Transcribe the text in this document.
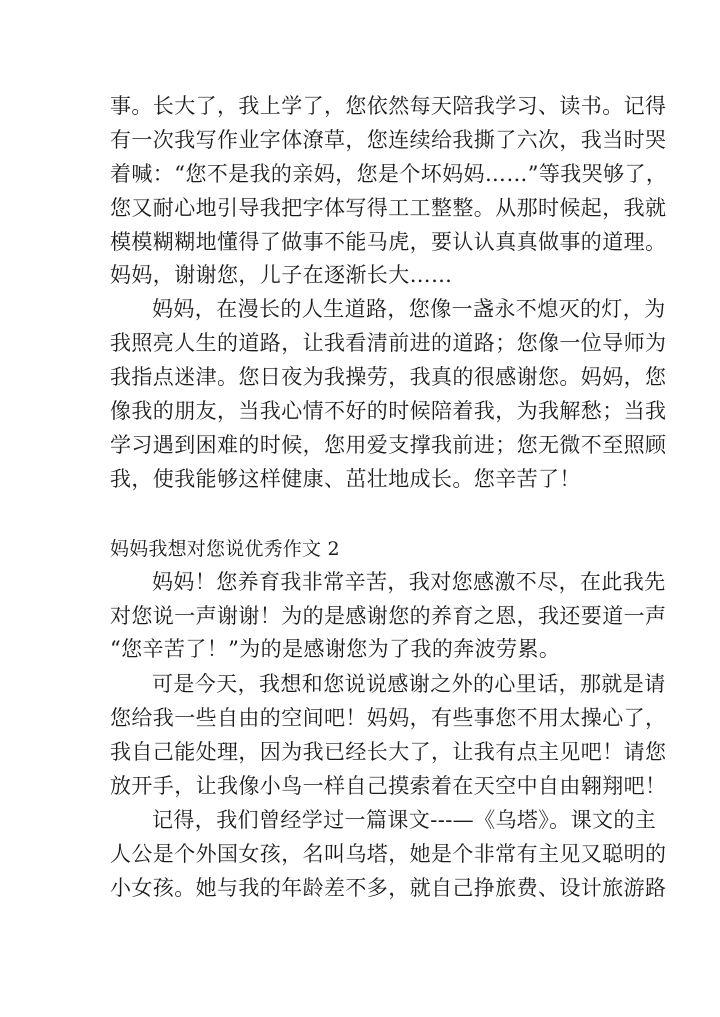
事。长大了，我上学了，您依然每天陪我学习、读书。记得
有一次我写作业字体潦草，您连续给我撕了六次，我当时哭
着喊：“您不是我的亲妈，您是个坏妈妈……”等我哭够了，
您又耐心地引导我把字体写得工工整整。从那时候起，我就
模模糊糊地懂得了做事不能马虎，要认认真真做事的道理。
妈妈，谢谢您，儿子在逐渐长大……
妈妈，在漫长的人生道路，您像一盏永不熄灭的灯，为
我照亮人生的道路，让我看清前进的道路；您像一位导师为
我指点迷津。您日夜为我操劳，我真的很感谢您。妈妈，您
像我的朋友，当我心情不好的时候陪着我，为我解愁；当我
学习遇到困难的时候，您用爱支撑我前进；您无微不至照顾
我，使我能够这样健康、茁壮地成长。您辛苦了！
妈妈我想对您说优秀作文 2
妈妈！您养育我非常辛苦，我对您感激不尽，在此我先
对您说一声谢谢！为的是感谢您的养育之恩，我还要道一声
“您辛苦了！”为的是感谢您为了我的奔波劳累。
可是今天，我想和您说说感谢之外的心里话，那就是请
您给我一些自由的空间吧！妈妈，有些事您不用太操心了，
我自己能处理，因为我已经长大了，让我有点主见吧！请您
放开手，让我像小鸟一样自己摸索着在天空中自由翱翔吧！
记得，我们曾经学过一篇课文---—《乌塔》。课文的主
人公是个外国女孩，名叫乌塔，她是个非常有主见又聪明的
小女孩。她与我的年龄差不多，就自己挣旅费、设计旅游路
